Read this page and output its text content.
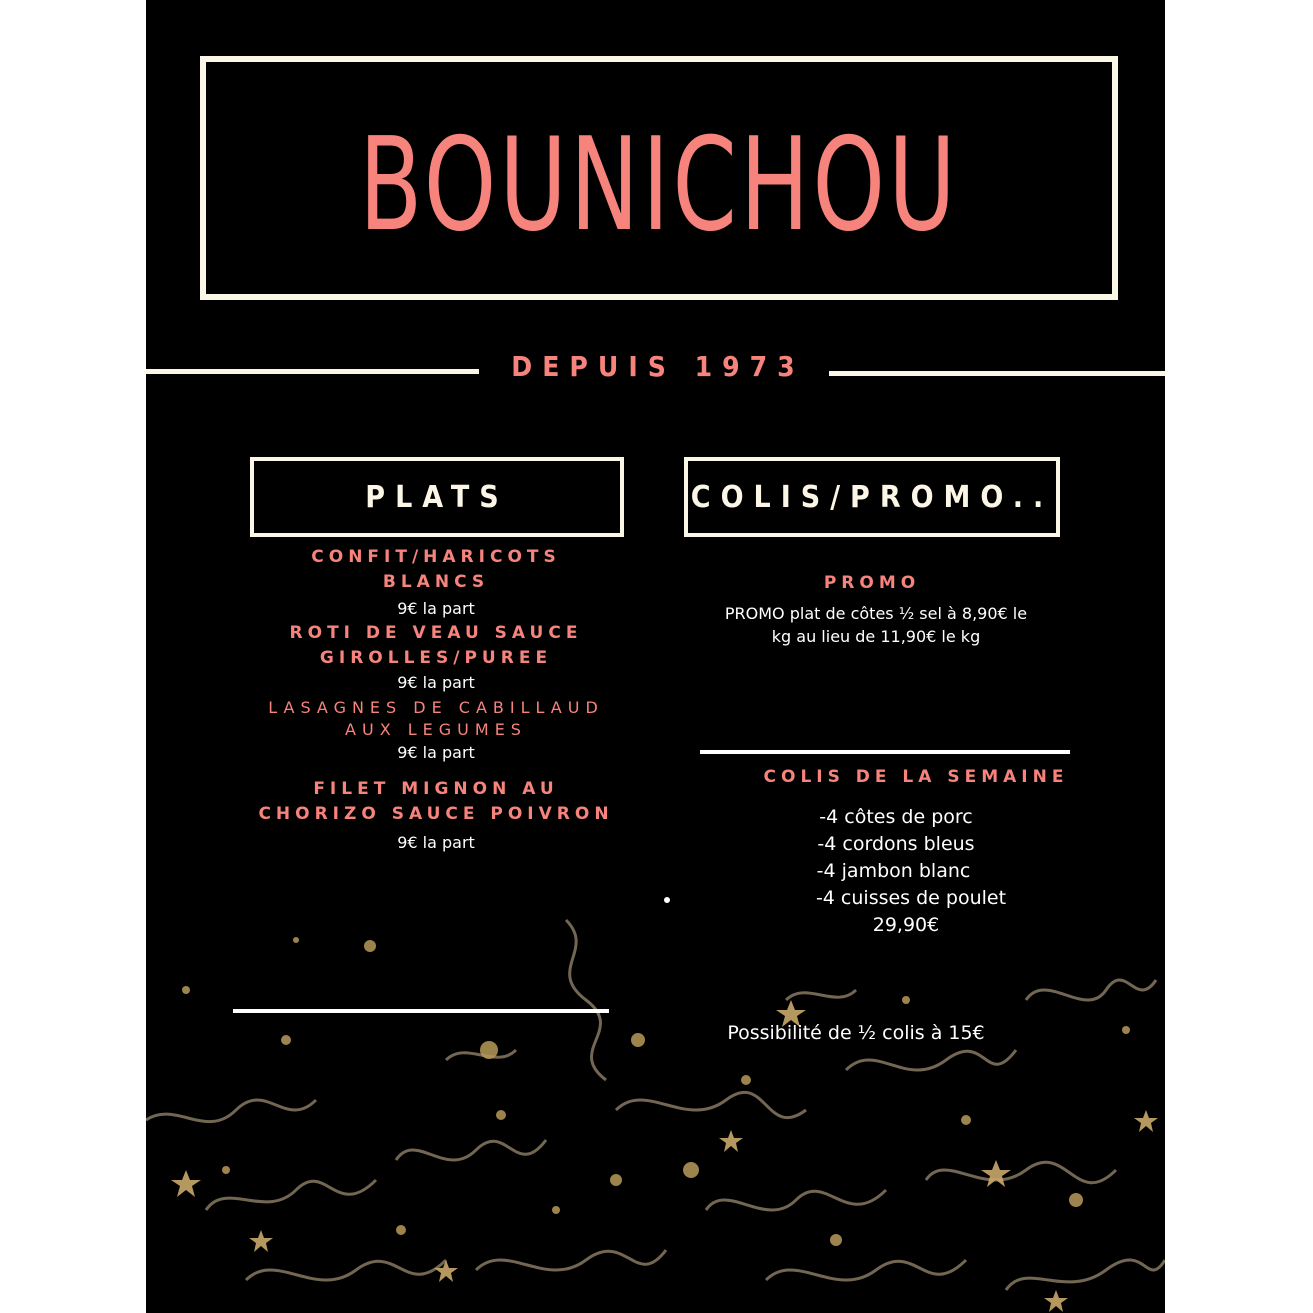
BOUNICHOU
DEPUIS 1973
PLATS
CONFIT/HARICOTS
BLANCS
9€ la part
ROTI DE VEAU SAUCE
GIROLLES/PUREE
9€ la part
LASAGNES DE CABILLAUD
AUX LEGUMES
9€ la part
FILET MIGNON AU
CHORIZO SAUCE POIVRON
9€ la part
COLIS/PROMO..
PROMO
PROMO plat de côtes ½ sel à 8,90€ le
kg au lieu de 11,90€ le kg
COLIS DE LA SEMAINE
-4 côtes de porc
-4 cordons bleus
-4 jambon blanc
-4 cuisses de poulet
29,90€
Possibilité de ½ colis à 15€
